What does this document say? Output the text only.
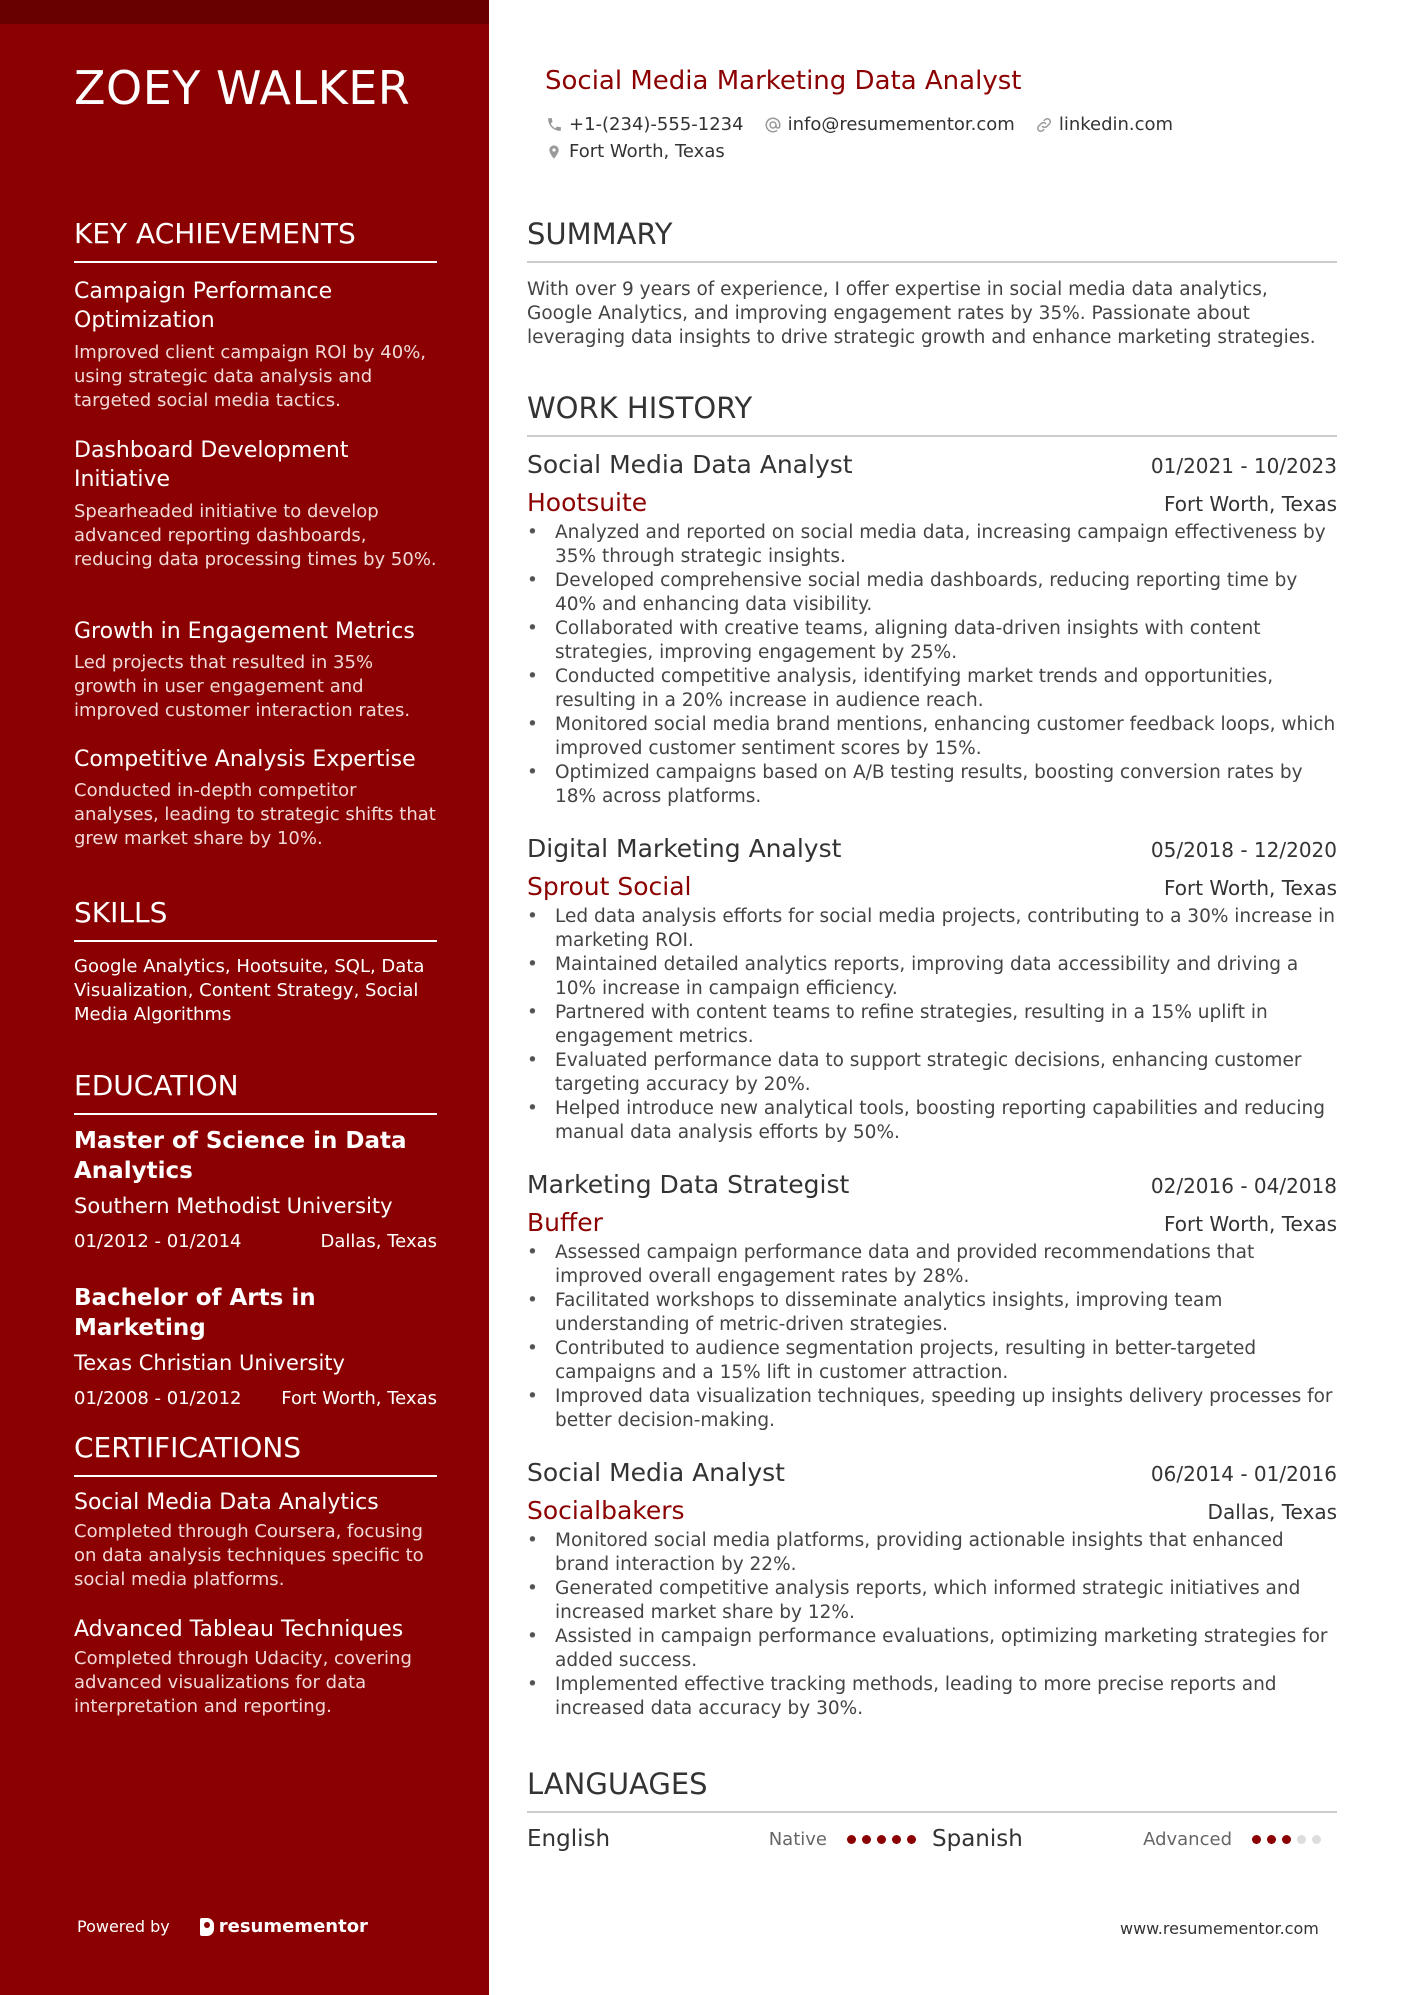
ZOEY WALKER
KEY ACHIEVEMENTS
Campaign Performance Optimization
Improved client campaign ROI by 40%, using strategic data analysis and targeted social media tactics.
Dashboard Development Initiative
Spearheaded initiative to develop advanced reporting dashboards, reducing data processing times by 50%.
Growth in Engagement Metrics
Led projects that resulted in 35% growth in user engagement and improved customer interaction rates.
Competitive Analysis Expertise
Conducted in-depth competitor analyses, leading to strategic shifts that grew market share by 10%.
SKILLS
Google Analytics, Hootsuite, SQL, Data Visualization, Content Strategy, Social Media Algorithms
EDUCATION
Master of Science in Data Analytics
Southern Methodist University
01/2012 - 01/2014	Dallas, Texas
Bachelor of Arts in Marketing
Texas Christian University
01/2008 - 01/2012 Fort Worth, Texas
CERTIFICATIONS
Social Media Data Analytics
Completed through Coursera, focusing on data analysis techniques specific to social media platforms.
Advanced Tableau Techniques
Completed through Udacity, covering advanced visualizations for data interpretation and reporting.
Powered by	resumementor
Social Media Marketing Data Analyst
+1-(234)-555-1234 info@resumementor.com linkedin.com
Fort Worth, Texas
SUMMARY
With over 9 years of experience, I offer expertise in social media data analytics, Google Analytics, and improving engagement rates by 35%. Passionate about leveraging data insights to drive strategic growth and enhance marketing strategies.
WORK HISTORY
Social Media Data Analyst	01/2021 - 10/2023
Hootsuite	Fort Worth, Texas
• Analyzed and reported on social media data, increasing campaign effectiveness by 35% through strategic insights.
• Developed comprehensive social media dashboards, reducing reporting time by 40% and enhancing data visibility.
• Collaborated with creative teams, aligning data-driven insights with content strategies, improving engagement by 25%.
• Conducted competitive analysis, identifying market trends and opportunities, resulting in a 20% increase in audience reach.
• Monitored social media brand mentions, enhancing customer feedback loops, which improved customer sentiment scores by 15%.
• Optimized campaigns based on A/B testing results, boosting conversion rates by 18% across platforms.
Digital Marketing Analyst	05/2018 - 12/2020
Sprout Social	Fort Worth, Texas
• Led data analysis efforts for social media projects, contributing to a 30% increase in marketing ROI.
• Maintained detailed analytics reports, improving data accessibility and driving a 10% increase in campaign efficiency.
• Partnered with content teams to refine strategies, resulting in a 15% uplift in engagement metrics.
• Evaluated performance data to support strategic decisions, enhancing customer targeting accuracy by 20%.
• Helped introduce new analytical tools, boosting reporting capabilities and reducing manual data analysis efforts by 50%.
Marketing Data Strategist	02/2016 - 04/2018
Buffer	Fort Worth, Texas
• Assessed campaign performance data and provided recommendations that improved overall engagement rates by 28%.
• Facilitated workshops to disseminate analytics insights, improving team understanding of metric-driven strategies.
• Contributed to audience segmentation projects, resulting in better-targeted campaigns and a 15% lift in customer attraction.
• Improved data visualization techniques, speeding up insights delivery processes for better decision-making.
Social Media Analyst	06/2014 - 01/2016
Socialbakers	Dallas, Texas
• Monitored social media platforms, providing actionable insights that enhanced brand interaction by 22%.
• Generated competitive analysis reports, which informed strategic initiatives and increased market share by 12%.
• Assisted in campaign performance evaluations, optimizing marketing strategies for added success.
• Implemented effective tracking methods, leading to more precise reports and increased data accuracy by 30%.
LANGUAGES
English	Native	Spanish	Advanced
www.resumementor.com
